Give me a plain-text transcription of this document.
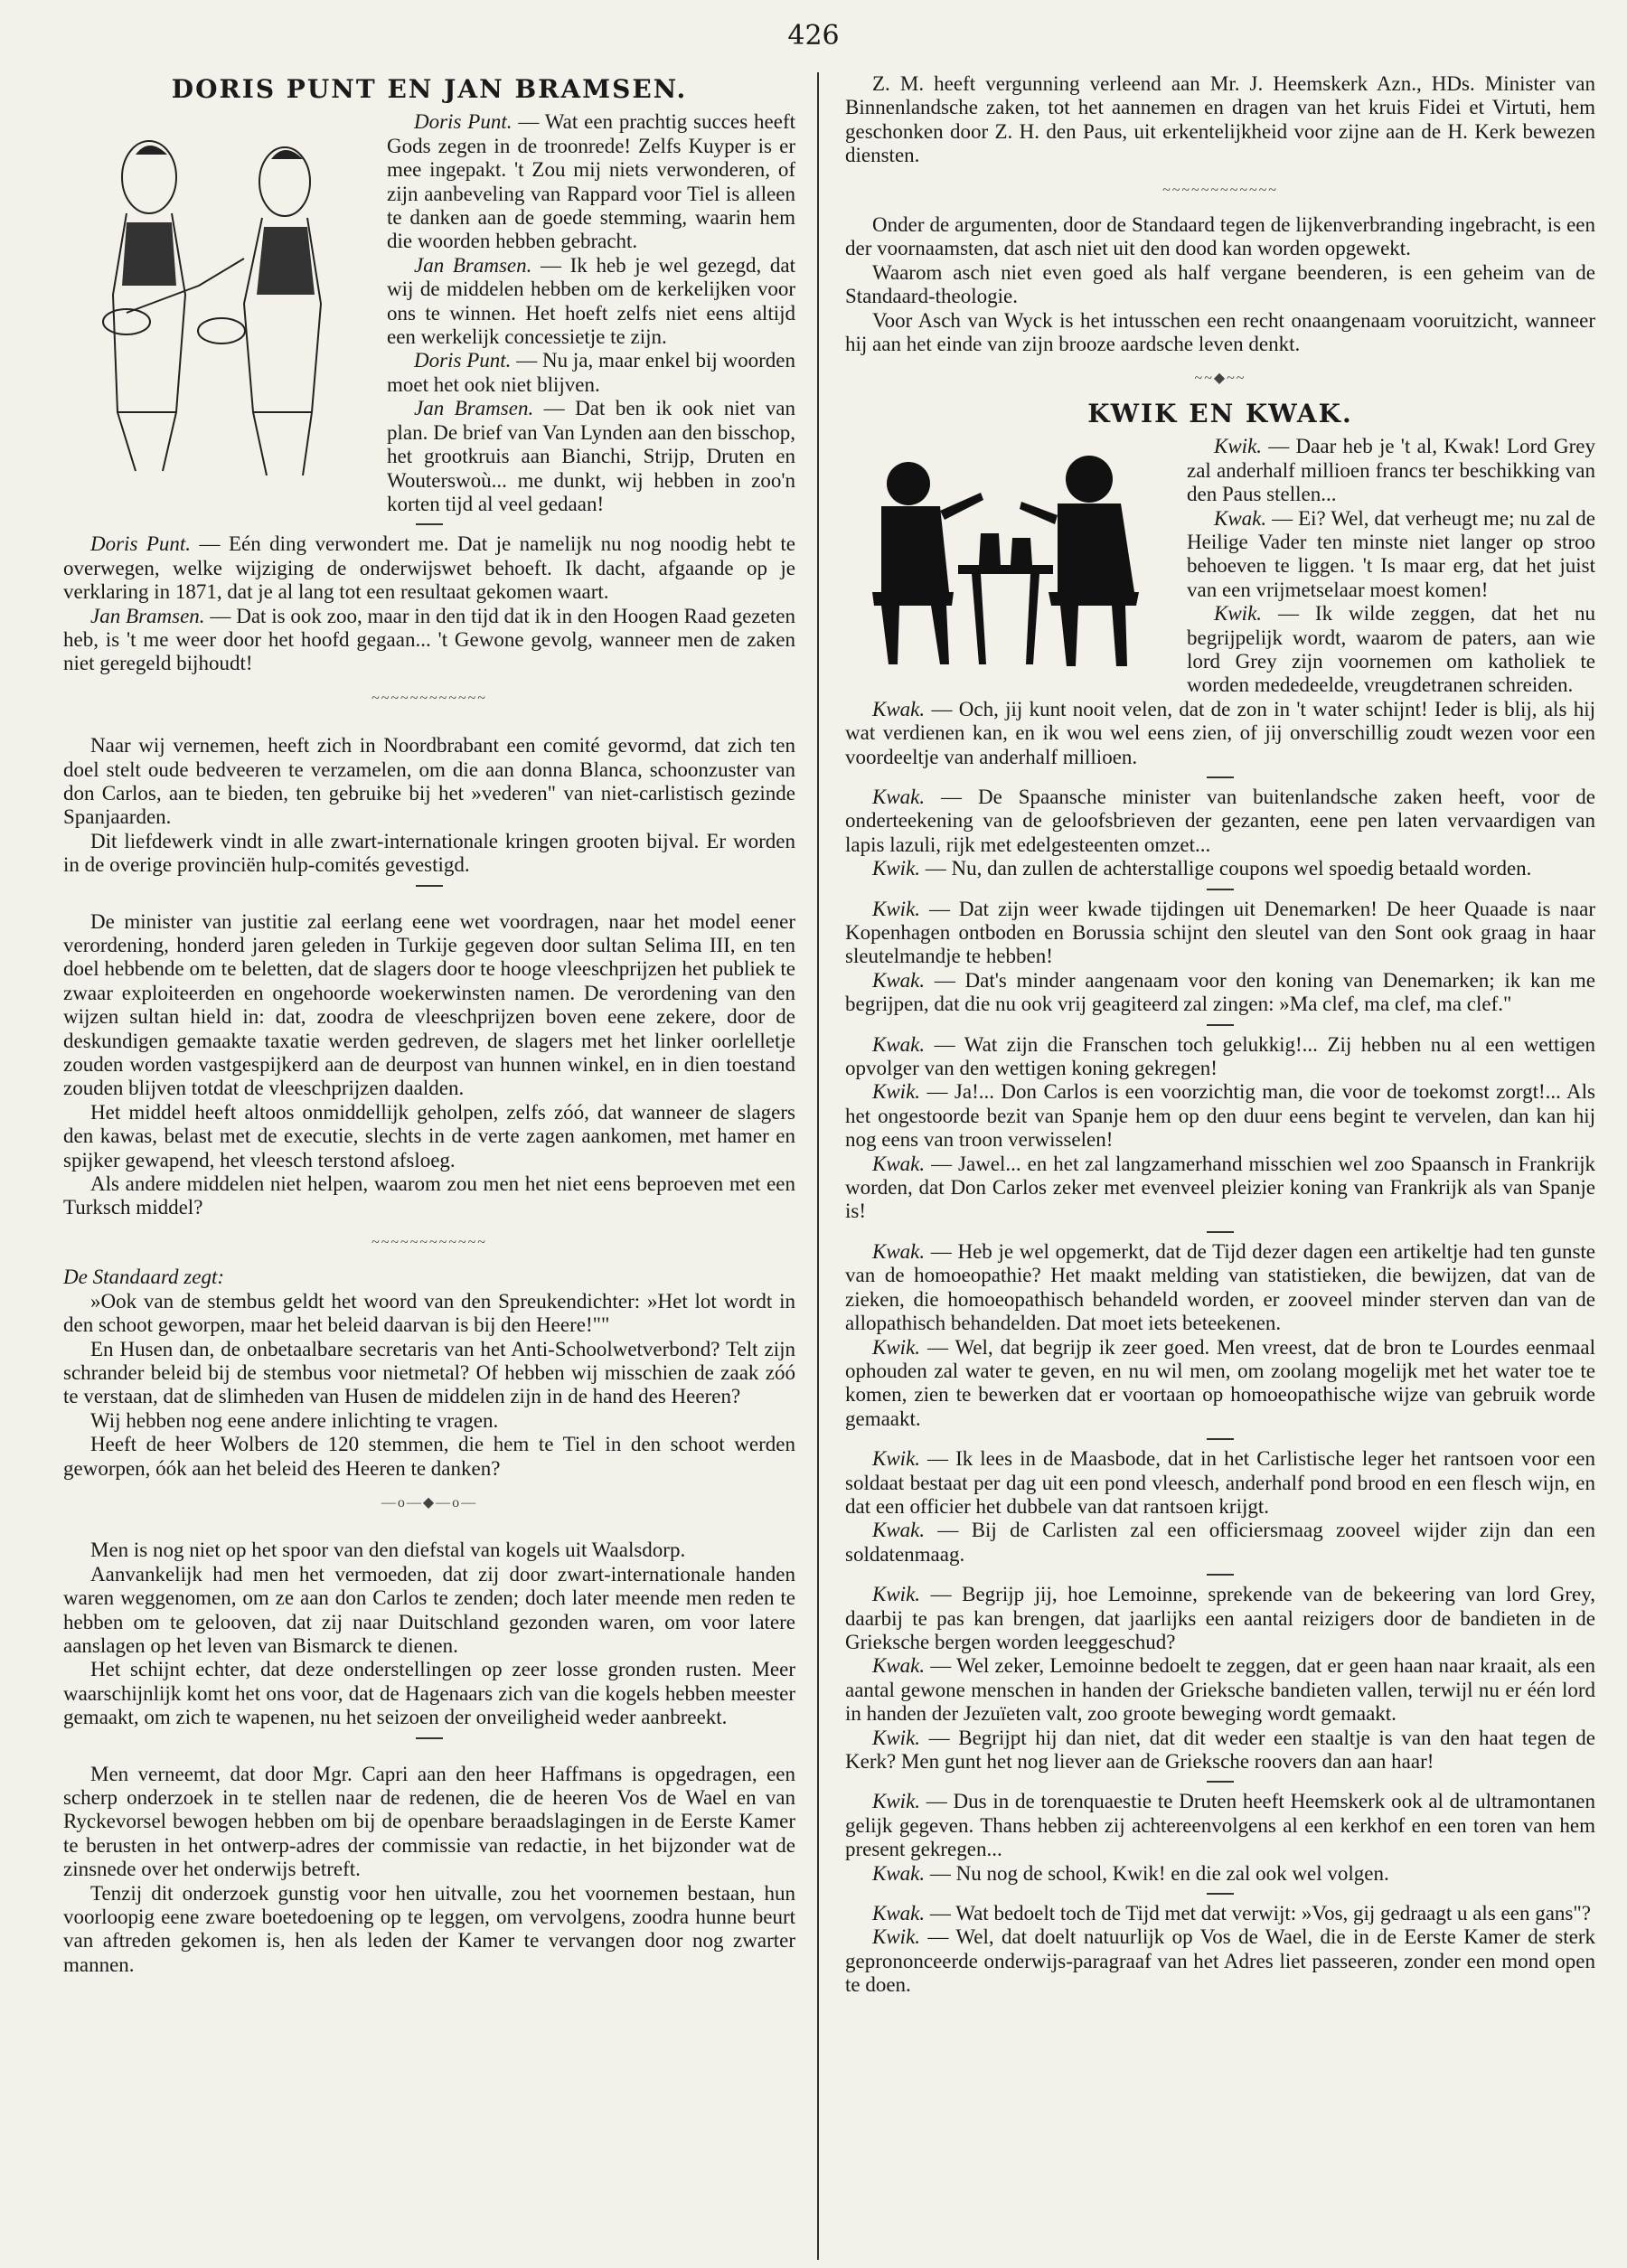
426
DORIS PUNT EN JAN BRAMSEN.

Doris Punt. — Wat een prachtig succes heeft Gods zegen in de troonrede! Zelfs Kuyper is er mee ingepakt. 't Zou mij niets verwonderen, of zijn aanbeveling van Rappard voor Tiel is alleen te danken aan de goede stemming, waarin hem die woorden hebben gebracht.

Jan Bramsen. — Ik heb je wel gezegd, dat wij de middelen hebben om de kerkelijken voor ons te winnen. Het hoeft zelfs niet eens altijd een werkelijk concessietje te zijn.

Doris Punt. — Nu ja, maar enkel bij woorden moet het ook niet blijven.

Jan Bramsen. — Dat ben ik ook niet van plan. De brief van Van Lynden aan den bisschop, het grootkruis aan Bianchi, Strijp, Druten en Wouterswoù... me dunkt, wij hebben in zoo'n korten tijd al veel gedaan!

Doris Punt. — Eén ding verwondert me. Dat je namelijk nu nog noodig hebt te overwegen, welke wijziging de onderwijswet behoeft. Ik dacht, afgaande op je verklaring in 1871, dat je al lang tot een resultaat gekomen waart.

Jan Bramsen. — Dat is ook zoo, maar in den tijd dat ik in den Hoogen Raad gezeten heb, is 't me weer door het hoofd gegaan... 't Gewone gevolg, wanneer men de zaken niet geregeld bijhoudt!

~~~~~~~~~~~~

Naar wij vernemen, heeft zich in Noordbrabant een comité gevormd, dat zich ten doel stelt oude bedveeren te verzamelen, om die aan donna Blanca, schoonzuster van don Carlos, aan te bieden, ten gebruike bij het »vederen" van niet-carlistisch gezinde Spanjaarden.

Dit liefdewerk vindt in alle zwart-internationale kringen grooten bijval. Er worden in de overige provinciën hulp-comités gevestigd.

De minister van justitie zal eerlang eene wet voordragen, naar het model eener verordening, honderd jaren geleden in Turkije gegeven door sultan Selima III, en ten doel hebbende om te beletten, dat de slagers door te hooge vleeschprijzen het publiek te zwaar exploiteerden en ongehoorde woekerwinsten namen. De verordening van den wijzen sultan hield in: dat, zoodra de vleeschprijzen boven eene zekere, door de deskundigen gemaakte taxatie werden gedreven, de slagers met het linker oorlelletje zouden worden vastgespijkerd aan de deurpost van hunnen winkel, en in dien toestand zouden blijven totdat de vleeschprijzen daalden.

Het middel heeft altoos onmiddellijk geholpen, zelfs zóó, dat wanneer de slagers den kawas, belast met de executie, slechts in de verte zagen aankomen, met hamer en spijker gewapend, het vleesch terstond afsloeg.

Als andere middelen niet helpen, waarom zou men het niet eens beproeven met een Turksch middel?

~~~~~~~~~~~~

De Standaard zegt:

»Ook van de stembus geldt het woord van den Spreukendichter: »Het lot wordt in den schoot geworpen, maar het beleid daarvan is bij den Heere!""

En Husen dan, de onbetaalbare secretaris van het Anti-Schoolwetverbond? Telt zijn schrander beleid bij de stembus voor nietmetal? Of hebben wij misschien de zaak zóó te verstaan, dat de slimheden van Husen de middelen zijn in de hand des Heeren?

Wij hebben nog eene andere inlichting te vragen.

Heeft de heer Wolbers de 120 stemmen, die hem te Tiel in den schoot werden geworpen, óók aan het beleid des Heeren te danken?

—o—◆—o—

Men is nog niet op het spoor van den diefstal van kogels uit Waalsdorp.

Aanvankelijk had men het vermoeden, dat zij door zwart-internationale handen waren weggenomen, om ze aan don Carlos te zenden; doch later meende men reden te hebben om te gelooven, dat zij naar Duitschland gezonden waren, om voor latere aanslagen op het leven van Bismarck te dienen.

Het schijnt echter, dat deze onderstellingen op zeer losse gronden rusten. Meer waarschijnlijk komt het ons voor, dat de Hagenaars zich van die kogels hebben meester gemaakt, om zich te wapenen, nu het seizoen der onveiligheid weder aanbreekt.

Men verneemt, dat door Mgr. Capri aan den heer Haffmans is opgedragen, een scherp onderzoek in te stellen naar de redenen, die de heeren Vos de Wael en van Ryckevorsel bewogen hebben om bij de openbare beraadslagingen in de Eerste Kamer te berusten in het ontwerp-adres der commissie van redactie, in het bijzonder wat de zinsnede over het onderwijs betreft.

Tenzij dit onderzoek gunstig voor hen uitvalle, zou het voornemen bestaan, hun voorloopig eene zware boetedoening op te leggen, om vervolgens, zoodra hunne beurt van aftreden gekomen is, hen als leden der Kamer te vervangen door nog zwarter mannen.

Z. M. heeft vergunning verleend aan Mr. J. Heemskerk Azn., HDs. Minister van Binnenlandsche zaken, tot het aannemen en dragen van het kruis Fidei et Virtuti, hem geschonken door Z. H. den Paus, uit erkentelijkheid voor zijne aan de H. Kerk bewezen diensten.

~~~~~~~~~~~~

Onder de argumenten, door de Standaard tegen de lijkenverbranding ingebracht, is een der voornaamsten, dat asch niet uit den dood kan worden opgewekt.

Waarom asch niet even goed als half vergane beenderen, is een geheim van de Standaard-theologie.

Voor Asch van Wyck is het intusschen een recht onaangenaam vooruitzicht, wanneer hij aan het einde van zijn brooze aardsche leven denkt.

~~◆~~
KWIK EN KWAK.

Kwik. — Daar heb je 't al, Kwak! Lord Grey zal anderhalf millioen francs ter beschikking van den Paus stellen...

Kwak. — Ei? Wel, dat verheugt me; nu zal de Heilige Vader ten minste niet langer op stroo behoeven te liggen. 't Is maar erg, dat het juist van een vrijmetselaar moest komen!

Kwik. — Ik wilde zeggen, dat het nu begrijpelijk wordt, waarom de paters, aan wie lord Grey zijn voornemen om katholiek te worden mededeelde, vreugdetranen schreiden.

Kwak. — Och, jij kunt nooit velen, dat de zon in 't water schijnt! Ieder is blij, als hij wat verdienen kan, en ik wou wel eens zien, of jij onverschillig zoudt wezen voor een voordeeltje van anderhalf millioen.

Kwak. — De Spaansche minister van buitenlandsche zaken heeft, voor de onderteekening van de geloofsbrieven der gezanten, eene pen laten vervaardigen van lapis lazuli, rijk met edelgesteenten omzet...

Kwik. — Nu, dan zullen de achterstallige coupons wel spoedig betaald worden.

Kwik. — Dat zijn weer kwade tijdingen uit Denemarken! De heer Quaade is naar Kopenhagen ontboden en Borussia schijnt den sleutel van den Sont ook graag in haar sleutelmandje te hebben!

Kwak. — Dat's minder aangenaam voor den koning van Denemarken; ik kan me begrijpen, dat die nu ook vrij geagiteerd zal zingen: »Ma clef, ma clef, ma clef."

Kwak. — Wat zijn die Franschen toch gelukkig!... Zij hebben nu al een wettigen opvolger van den wettigen koning gekregen!

Kwik. — Ja!... Don Carlos is een voorzichtig man, die voor de toekomst zorgt!... Als het ongestoorde bezit van Spanje hem op den duur eens begint te vervelen, dan kan hij nog eens van troon verwisselen!

Kwak. — Jawel... en het zal langzamerhand misschien wel zoo Spaansch in Frankrijk worden, dat Don Carlos zeker met evenveel pleizier koning van Frankrijk als van Spanje is!

Kwak. — Heb je wel opgemerkt, dat de Tijd dezer dagen een artikeltje had ten gunste van de homoeopathie? Het maakt melding van statistieken, die bewijzen, dat van de zieken, die homoeopathisch behandeld worden, er zooveel minder sterven dan van de allopathisch behandelden. Dat moet iets beteekenen.

Kwik. — Wel, dat begrijp ik zeer goed. Men vreest, dat de bron te Lourdes eenmaal ophouden zal water te geven, en nu wil men, om zoolang mogelijk met het water toe te komen, zien te bewerken dat er voortaan op homoeopathische wijze van gebruik worde gemaakt.

Kwik. — Ik lees in de Maasbode, dat in het Carlistische leger het rantsoen voor een soldaat bestaat per dag uit een pond vleesch, anderhalf pond brood en een flesch wijn, en dat een officier het dubbele van dat rantsoen krijgt.

Kwak. — Bij de Carlisten zal een officiersmaag zooveel wijder zijn dan een soldatenmaag.

Kwik. — Begrijp jij, hoe Lemoinne, sprekende van de bekeering van lord Grey, daarbij te pas kan brengen, dat jaarlijks een aantal reizigers door de bandieten in de Grieksche bergen worden leeggeschud?

Kwak. — Wel zeker, Lemoinne bedoelt te zeggen, dat er geen haan naar kraait, als een aantal gewone menschen in handen der Grieksche bandieten vallen, terwijl nu er één lord in handen der Jezuïeten valt, zoo groote beweging wordt gemaakt.

Kwik. — Begrijpt hij dan niet, dat dit weder een staaltje is van den haat tegen de Kerk? Men gunt het nog liever aan de Grieksche roovers dan aan haar!

Kwik. — Dus in de torenquaestie te Druten heeft Heemskerk ook al de ultramontanen gelijk gegeven. Thans hebben zij achtereenvolgens al een kerkhof en een toren van hem present gekregen...

Kwak. — Nu nog de school, Kwik! en die zal ook wel volgen.

Kwak. — Wat bedoelt toch de Tijd met dat verwijt: »Vos, gij gedraagt u als een gans"?

Kwik. — Wel, dat doelt natuurlijk op Vos de Wael, die in de Eerste Kamer de sterk geprononceerde onderwijs-paragraaf van het Adres liet passeeren, zonder een mond open te doen.
